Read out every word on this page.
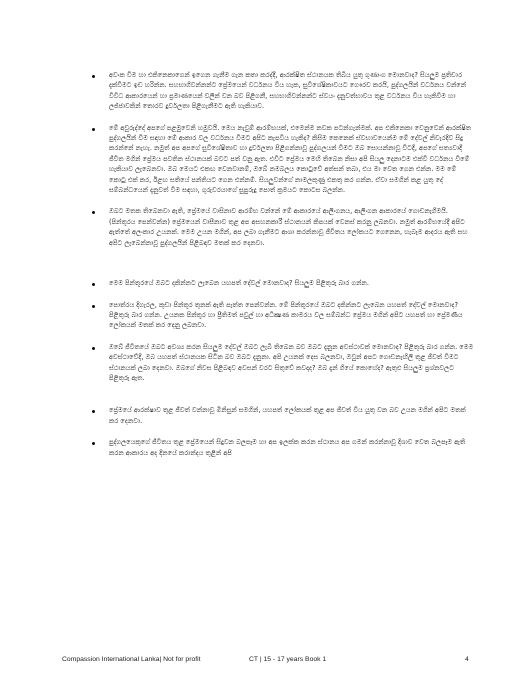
අවංක වීම හා එකිනෙකාගෙන් ඉගෙන ගැනීම ගැන කතා කරද්දී, ආරක්ෂිත ස්ථානයක තිබිය යුතු ගුණාංග මොනවාද? සියලුම ප්‍රතිචාර දැක්වීමට ඉඩ හරින්න. සහභාගිවන්නන්ට ප්‍රේමයෙන් වර්ධනය විය හැක, සුවිශේෂිකාවයට ගෞරව කරයි, පුද්ගලයින් වර්ධනය වන්නේ විවිධ ආකාරයෙන් හා ප්‍රමාණයෙන් වලින් වන බව පිළිගනී, සහභාගිවන්නන්ට ස්වයං දැනුවත්භාවය තුළ වර්ධනය විය හැකිවීම හා ලජ්ජාවකින් තොරව දුර්වලතා පිළිගැනීමට ඇති හැකියාව.
මේ අවුරුද්දේ අපගේ පළමුවෙනි හමුවයි. මෙය නැවුම් ආරම්භයක්, එමෙන්ම නවක පටන්ගැන්මක්. අප එකිනෙකා වෙනුවෙන් ආරක්ෂිත පුද්ගලයින් වීම සඳහා මේ ආකාර වල වර්ධනය වීමට අපිට කැපවිය හැකිද? කිසිම කෙනෙක් ස්වභාවයෙන්ම මේ දේවල් නිවැරදිව සිදු කරන්නේ නැහැ. නමුත් අප අපගේ සුවිශේෂිතාව හා දුර්වලතා පිළිගන්නාවූ පුද්ගලයන් වීමට ඔබ සොයන්නාවූ විටදී, අපගේ සත්‍යවාදී ජීවිත මගින් ප්‍රේමය පවතින ස්ථානයක් බවට පත් වනු ඇත. එවිට ප්‍රේමය මෙහි තිබෙන නිසා අපි සියලු දෙනාටම එක්වී වර්ධනය වීමේ හැකියාව ලැබෙනවා. ඔබ මෙයට එකඟ වෙනවානම්, ඔබේ නමබලය කොටුවේ අත්සන් තබා, එය මා වෙත ගෙන එන්න. මම මේ කොටු එක් කර, ඊළඟ සතියේ පන්තියට ගෙන එන්නම්. සියලුවන්ගේ නාමලකුණු එකතු කර ගන්න. ඒවා සමගින් කළ යුතු දේ සම්බන්ධයෙන් දැනුවත් වීම සඳහා, ගුරුවරයාගේ සුපුරුදු පොත් ක්‍රමයට කොටස බලන්න.
ඔබට මතක තිබෙනවා ඇති, ප්‍රේමයේ වාසිනාව ආරම්භ වන්නේ මේ ආකාරයේ ආලිංගනය, ආලිංගන ආකාරයේ ගොඩනැගීමයි. (පින්තූරය පෙන්වන්න) ප්‍රේමයෙන් වාසීනාව තුළ අප අසහනකාරී ස්ථානයන් කිපයක් වෙනස් කරනු ලබනවා. නමුත් ආරම්භයේදී අපිට ඇත්තේ අලංකාර උයනක්. මෙම උයන මගින්, අප ලබා ගැනීමට ආශා කරන්නාවූ ජීවිතය ලෝකයට ගෙනෙන, හැබෑම ආදරය ඇති සහ අපිට ලැබෙන්නාවූ පුද්ගලයින් පිළිබඳව මතක් කර දෙනවා.
මෙම පින්තූරයේ ඔබට දකින්නට ලැබෙන යහපත් දේවල් මොනවාද? සියලුම පිළිතුරු බාර ගන්න.
පොත්රය දිගැරල, කුඩා පින්තූර තුනක් ඇති පැත්ත පෙන්වන්න. මේ පින්තූරයේ ඔබට දකින්නට ලැබෙන යහපත් දේවල් මොනවාද? පිළිතුරු බාර ගන්න. උයනක පින්තූර හා ප්‍රීතිමත් පවුල් හා අධීක්‍ෂණ කාමරය වල සම්බන්ධ ප්‍රේමය මගින් අපිට යහපත් හා ප්‍රේමණීය ලෝකයක් මතක් කර දෙනු ලබනවා.
ඔබේ ජීවිතයේ ඔබට අවශ්‍ය කරන සියලුම දේවල් ඔබට ලැබී තිබෙන බව ඔබට දැනුන අවස්ථාවක් මොනවාද? පිළිතුරු බාර ගන්න. මෙම අවස්ථාවේදී, ඔබ යහපත් ස්ථානයක සිටින බව ඔබට දැනුනා. අපි උයනක් දෙස බලනවා, ඔවුන් අපට ගොඩනැඟිලි තුළ ජීවත් වීමට ස්ථානයක් ලබා දෙනවා. ඔබගේ නිවස පිළිබඳව අවසන් වරට සිතුවේ කවදාද? ඔබ දැන් ගියේ කොහේද? ඇතුළු සියලුම ප්‍රශ්නවලට පිළිතුරු ඇත.
ප්‍රේමයේ ආරක්ෂාව තුළ ජීවත් වන්නාවූ මිනිසුන් සමගින්, යහපත් ලෝකයක් තුළ අප ජීවත් විය යුතු වන බව උයන මගින් අපිට මතක් කර දෙනවා.
පුද්ගලයෙකුගේ ජීවිතය තුළ ප්‍රේමයෙන් සිදුවන බලපෑම හා අප ඉලක්ක කරන ස්ථානය අප ගමන් කරන්නාවූ දිශාව වෙත බලපෑම ඇති කරන ආකාරය අද දිනයේ කරාන්දය තුළින් අපි
Compassion International Lanka| Not for profit	CT | 15 - 17 years Book 1	4
